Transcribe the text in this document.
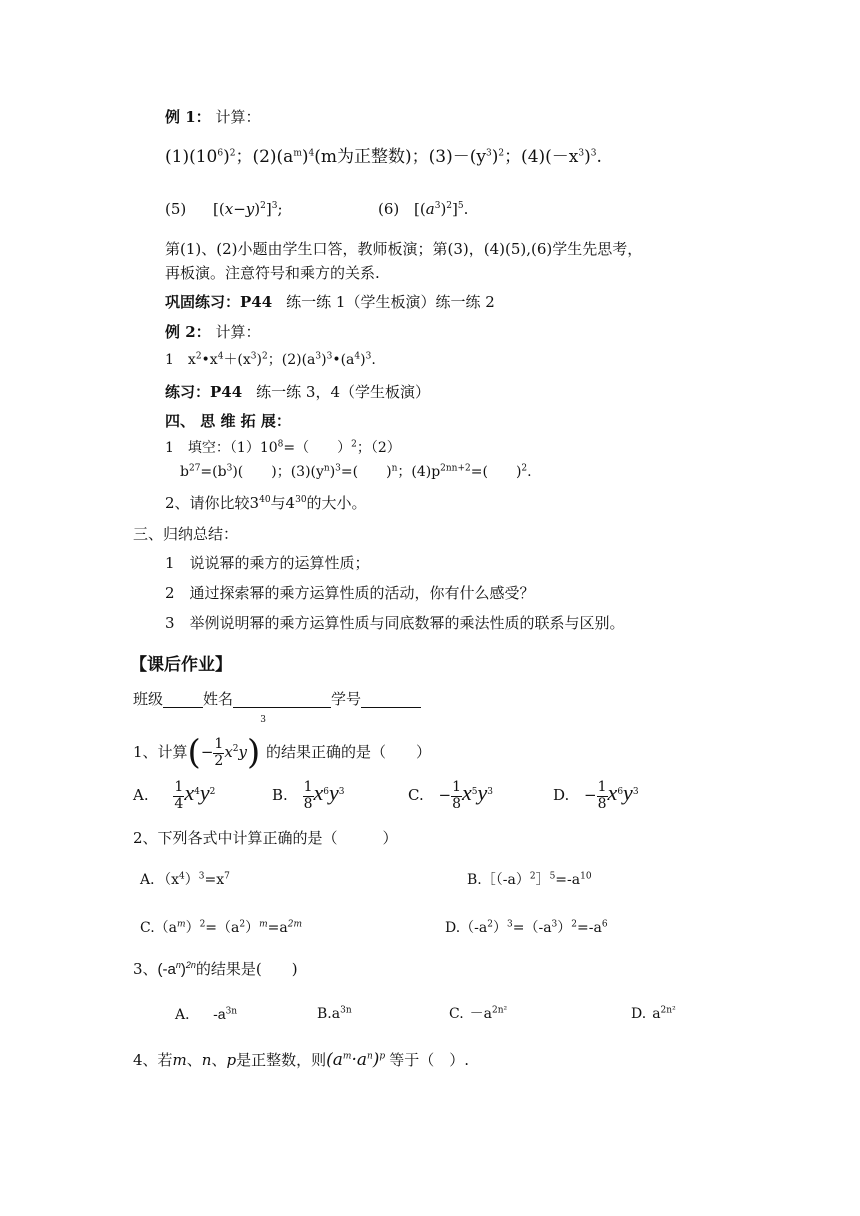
例 1： 计算：
$(1)(10^6)^2$；$(2)(a^m)^4(m$为正整数)；$(3)-(y^3)^2$；$(4)(-x^3)^3$.
(5) $[(x-y)^2]^3$;	(6) $[(a^3)^2]^5$.
第(1)、(2)小题由学生口答，教师板演；第(3)，(4)(5),(6)学生先思考，
再板演。注意符号和乘方的关系.
巩固练习：P44 练一练 1（学生板演）练一练 2
例 2： 计算：
1　$x^2•x^4+(x^3)^2$；$(2)(a^3)^3•(a^4)^3$.
练习：P44 练一练 3，4（学生板演）
四、 思 维 拓 展：
1　填空：$(1)10^8=$（　　）$^2$；（2）
$b^{27}=(b^3)$(　　)；$(3)(y^n)^3=$(　　)$^n$；$(4)p^{2nn+2}=$(　　)$^2$.
2、请你比较$3^{40}$与$4^{30}$的大小。
三、归纳总结：
1　说说幂的乘方的运算性质；
2　通过探索幂的乘方运算性质的活动，你有什么感受？
3　举例说明幂的乘方运算性质与同底数幂的乘法性质的联系与区别。
【课后作业】
班级	姓名	学号
1、计算(− $\frac{1}{2} x^2y)^3$的结果正确的是（　　）
A. $\frac{1}{4} x^4y^2$	B. $\frac{1}{8} x^6y^3$	C. − $\frac{1}{8} x^5y^3$	D. − $\frac{1}{8} x^6y^3$
2、下列各式中计算正确的是（　　　）
A．$(x^4)^3=x^7$	$B.[(-a)^2]^5=-a^{10}$
$C.(a^m)^2=(a^2)^m=a^{2m}$	$D.(-a^2)^3=(-a^3)^2=-a^6$
3、$(-a^n)^{2n}$的结果是(　　)
A． $-a^{3n}$	$B.a^{3n}$	C. $-a^{2n^2}$	D. $a^{2n^2}$
4、若m、n、p是正整数，则$(a^m\cdot a^n)^p$ 等于（　）.
